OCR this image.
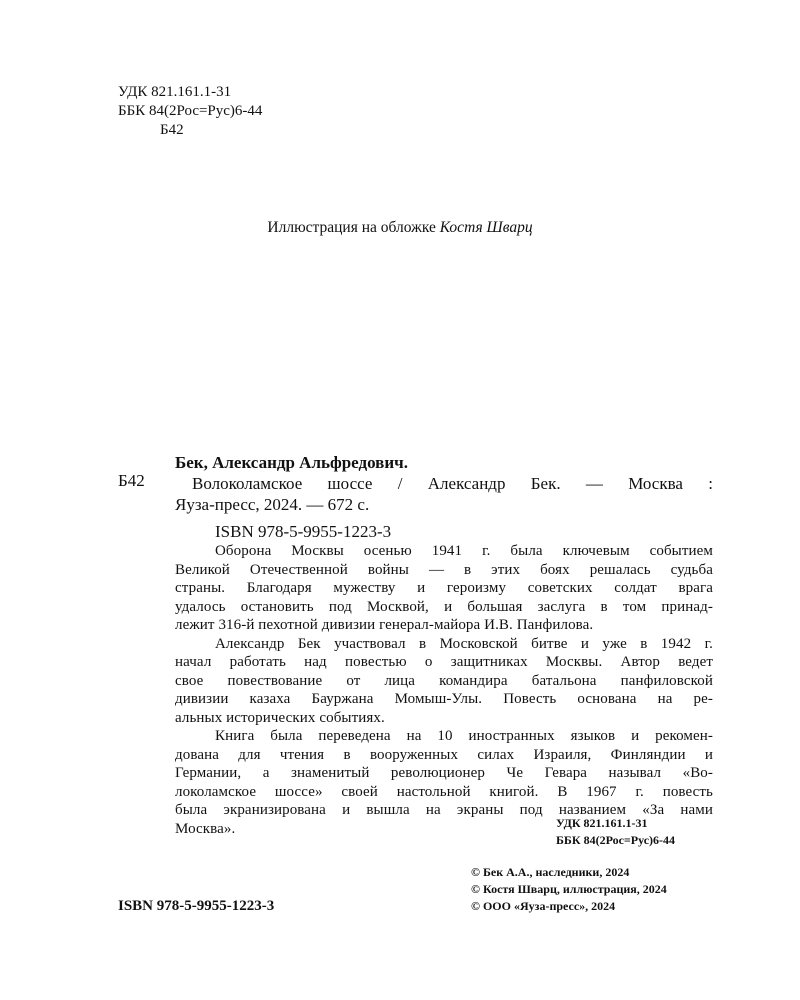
УДК 821.161.1-31
ББК 84(2Рос=Рус)6-44
Б42
Иллюстрация на обложке Костя Шварц
Б42
Бек, Александр Альфредович.
Волоколамское шоссе / Александр Бек. — Москва :
Яуза-пресс, 2024. — 672 с.
ISBN 978-5-9955-1223-3

Оборона Москвы осенью 1941 г. была ключевым событием
Великой Отечественной войны — в этих боях решалась судьба
страны. Благодаря мужеству и героизму советских солдат врага
удалось остановить под Москвой, и большая заслуга в том принад-
лежит 316-й пехотной дивизии генерал-майора И.В. Панфилова.

Александр Бек участвовал в Московской битве и уже в 1942 г.
начал работать над повестью о защитниках Москвы. Автор ведет
свое повествование от лица командира батальона панфиловской
дивизии казаха Бауржана Момыш-Улы. Повесть основана на ре-
альных исторических событиях.

Книга была переведена на 10 иностранных языков и рекомен-
дована для чтения в вооруженных силах Израиля, Финляндии и
Германии, а знаменитый революционер Че Гевара называл «Во-
локоламское шоссе» своей настольной книгой. В 1967 г. повесть
была экранизирована и вышла на экраны под названием «За нами
Москва».	УДК 821.161.1-31
ББК 84(2Рос=Рус)6-44
ISBN 978-5-9955-1223-3
© Бек А.А., наследники, 2024
© Костя Шварц, иллюстрация, 2024
© ООО «Яуза-пресс», 2024
